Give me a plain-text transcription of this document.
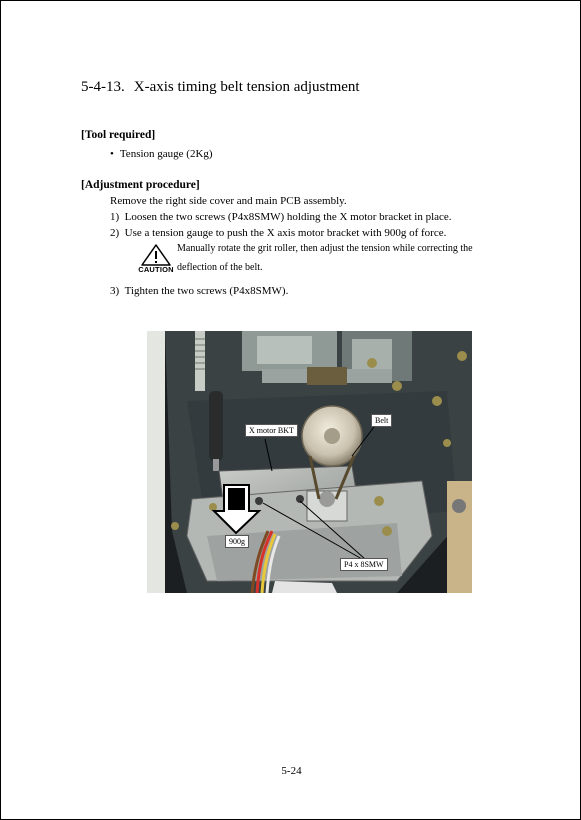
5-4-13. X-axis timing belt tension adjustment
[Tool required]
• Tension gauge (2Kg)
[Adjustment procedure]
Remove the right side cover and main PCB assembly.
1) Loosen the two screws (P4x8SMW) holding the X motor bracket in place.
2) Use a tension gauge to push the X axis motor bracket with 900g of force.
CAUTION
Manually rotate the grit roller, then adjust the tension while correcting the
deflection of the belt.
3) Tighten the two screws (P4x8SMW).
Belt
X motor BKT
900g
P4 x 8SMW
5-24
